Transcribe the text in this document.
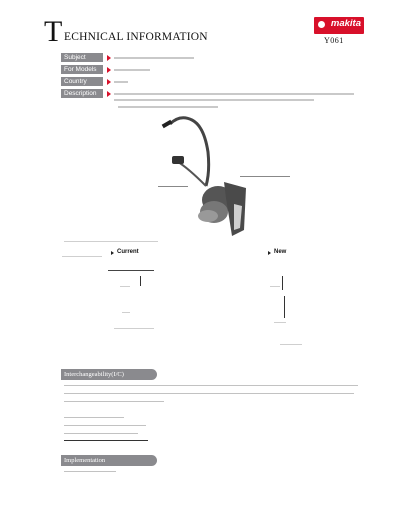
T ECHNICAL INFORMATION
makita
Y061
Subject
For Models
Country
Description
Current	New
Interchangeability(I/C)
Implementation
